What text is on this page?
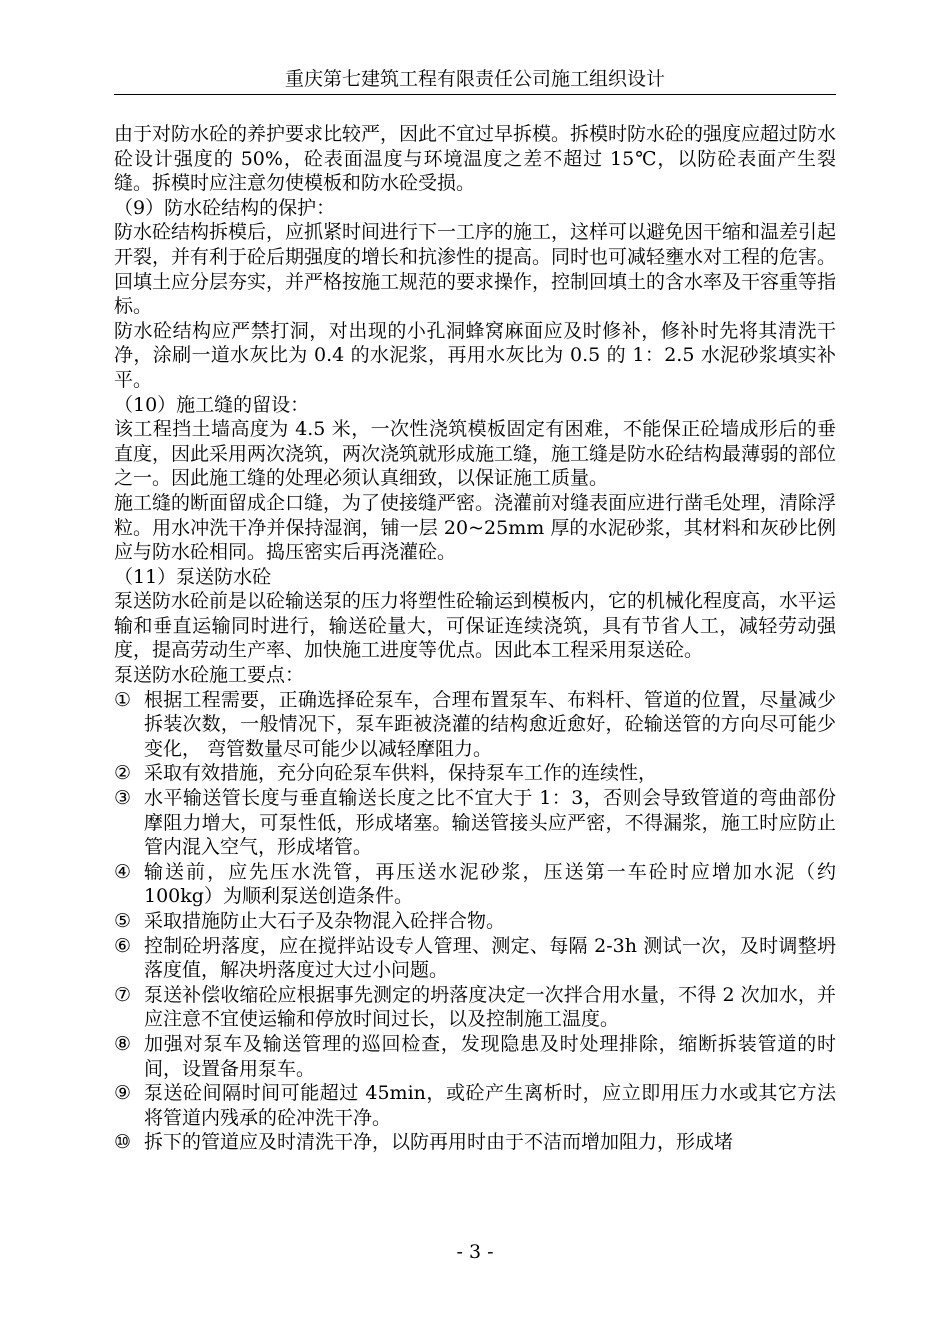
重庆第七建筑工程有限责任公司施工组织设计

由于对防水砼的养护要求比较严，因此不宜过早拆模。拆模时防水砼的强度应超过防水砼设计强度的 50%，砼表面温度与环境温度之差不超过 15℃，以防砼表面产生裂缝。拆模时应注意勿使模板和防水砼受损。

（9）防水砼结构的保护：

防水砼结构拆模后，应抓紧时间进行下一工序的施工，这样可以避免因干缩和温差引起开裂，并有利于砼后期强度的增长和抗渗性的提高。同时也可减轻壅水对工程的危害。回填土应分层夯实，并严格按施工规范的要求操作，控制回填土的含水率及干容重等指标。

防水砼结构应严禁打洞，对出现的小孔洞蜂窝麻面应及时修补，修补时先将其清洗干净，涂刷一道水灰比为 0.4 的水泥浆，再用水灰比为 0.5 的 1：2.5 水泥砂浆填实补平。

（10）施工缝的留设：

该工程挡土墙高度为 4.5 米，一次性浇筑模板固定有困难，不能保正砼墙成形后的垂直度，因此采用两次浇筑，两次浇筑就形成施工缝，施工缝是防水砼结构最薄弱的部位之一。因此施工缝的处理必须认真细致，以保证施工质量。

施工缝的断面留成企口缝，为了使接缝严密。浇灌前对缝表面应进行凿毛处理，清除浮粒。用水冲洗干净并保持湿润，铺一层 20~25mm 厚的水泥砂浆，其材料和灰砂比例应与防水砼相同。捣压密实后再浇灌砼。

（11）泵送防水砼

泵送防水砼前是以砼输送泵的压力将塑性砼输运到模板内，它的机械化程度高，水平运输和垂直运输同时进行，输送砼量大，可保证连续浇筑，具有节省人工，减轻劳动强度，提高劳动生产率、加快施工进度等优点。因此本工程采用泵送砼。

泵送防水砼施工要点：

① 根据工程需要，正确选择砼泵车，合理布置泵车、布料杆、管道的位置，尽量减少拆装次数，一般情况下，泵车距被浇灌的结构愈近愈好，砼输送管的方向尽可能少变化， 弯管数量尽可能少以减轻摩阻力。
② 采取有效措施，充分向砼泵车供料，保持泵车工作的连续性，
③ 水平输送管长度与垂直输送长度之比不宜大于 1：3，否则会导致管道的弯曲部份摩阻力增大，可泵性低，形成堵塞。输送管接头应严密，不得漏浆，施工时应防止管内混入空气，形成堵管。
④ 输送前，应先压水洗管，再压送水泥砂浆，压送第一车砼时应增加水泥（约 100kg）为顺利泵送创造条件。
⑤ 采取措施防止大石子及杂物混入砼拌合物。
⑥ 控制砼坍落度，应在搅拌站设专人管理、测定、每隔 2-3h 测试一次，及时调整坍落度值，解决坍落度过大过小问题。
⑦ 泵送补偿收缩砼应根据事先测定的坍落度决定一次拌合用水量，不得 2 次加水，并应注意不宜使运输和停放时间过长，以及控制施工温度。
⑧ 加强对泵车及输送管理的巡回检查，发现隐患及时处理排除，缩断拆装管道的时间，设置备用泵车。
⑨ 泵送砼间隔时间可能超过 45min，或砼产生离析时，应立即用压力水或其它方法将管道内残承的砼冲洗干净。
⑩ 拆下的管道应及时清洗干净，以防再用时由于不洁而增加阻力，形成堵
- 3 -
